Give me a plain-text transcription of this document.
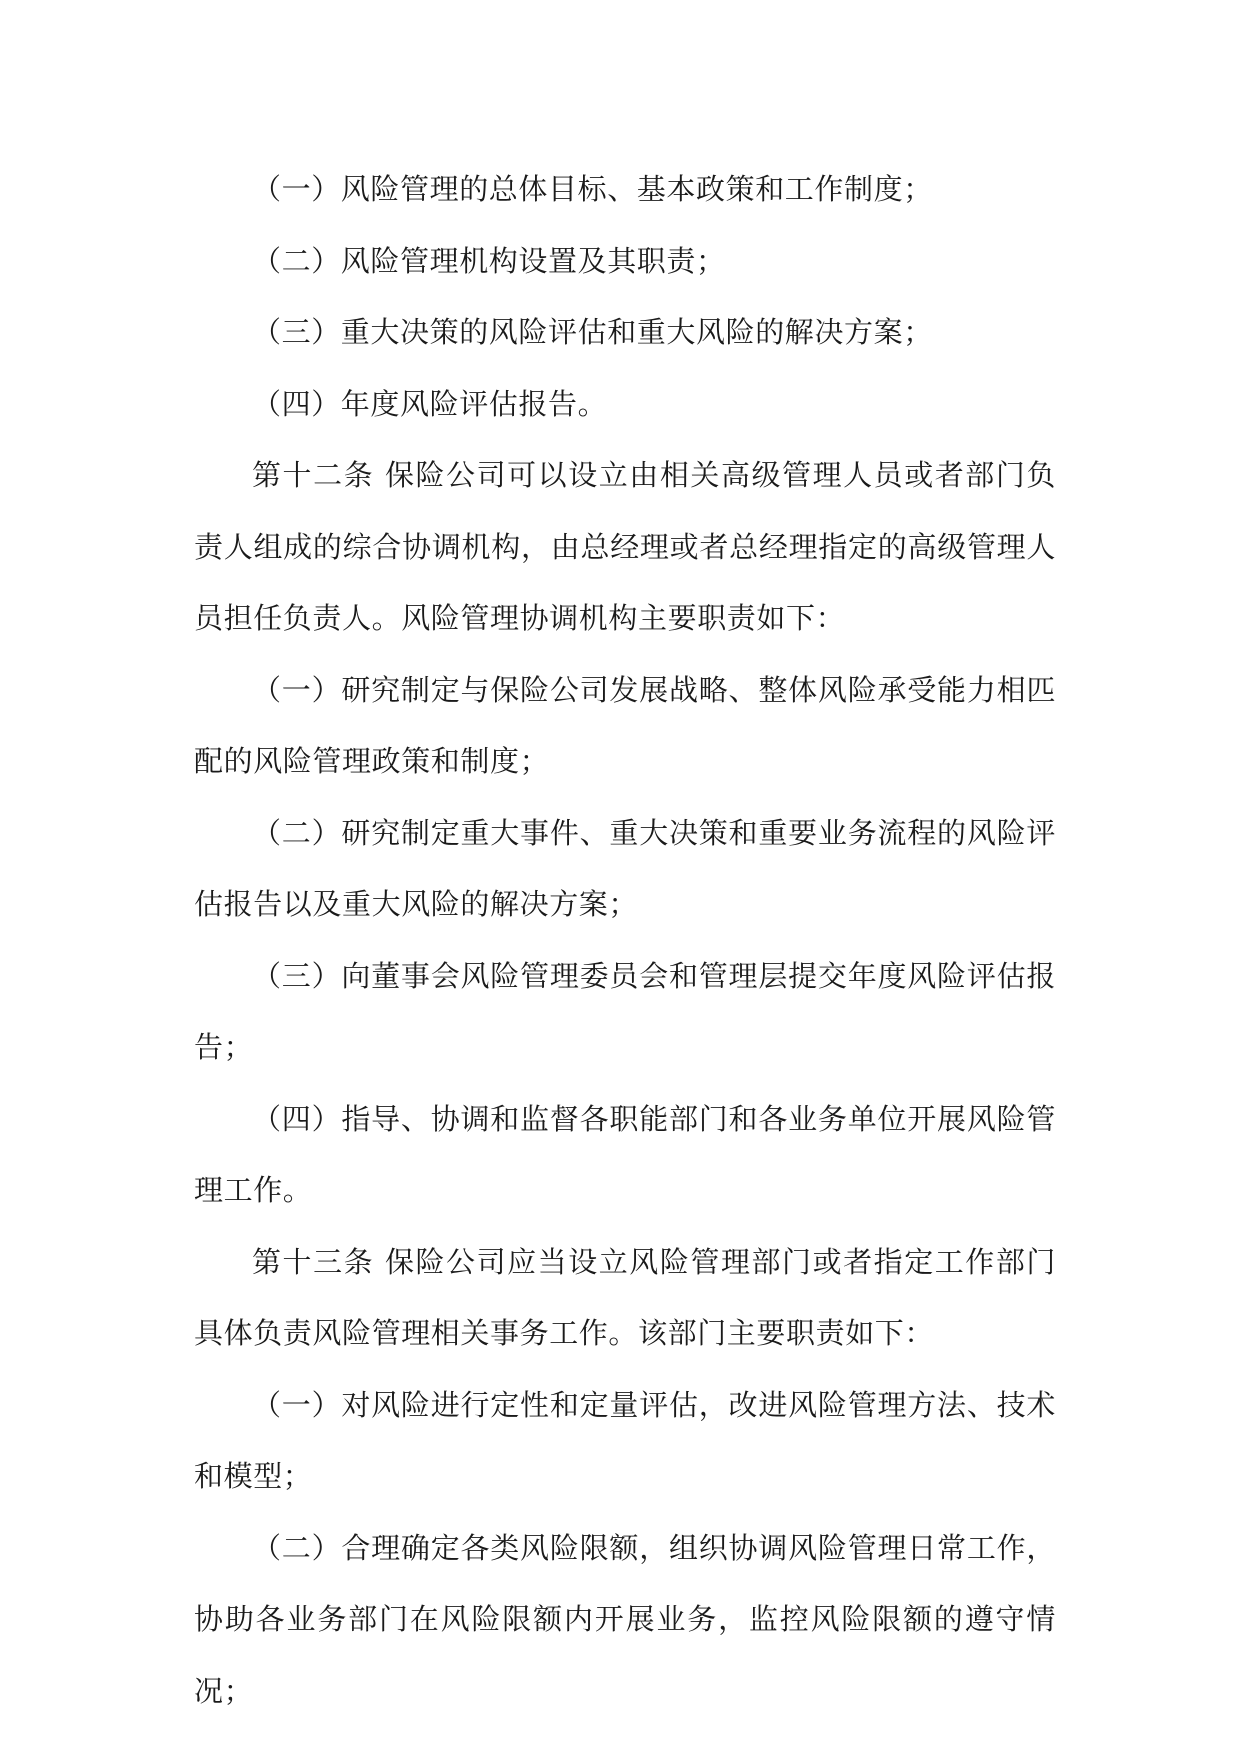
（一）风险管理的总体目标、基本政策和工作制度；

（二）风险管理机构设置及其职责；

（三）重大决策的风险评估和重大风险的解决方案；

（四）年度风险评估报告。

第十二条 保险公司可以设立由相关高级管理人员或者部门负责人组成的综合协调机构，由总经理或者总经理指定的高级管理人员担任负责人。风险管理协调机构主要职责如下：

（一）研究制定与保险公司发展战略、整体风险承受能力相匹配的风险管理政策和制度；

（二）研究制定重大事件、重大决策和重要业务流程的风险评估报告以及重大风险的解决方案；

（三）向董事会风险管理委员会和管理层提交年度风险评估报告；

（四）指导、协调和监督各职能部门和各业务单位开展风险管理工作。

第十三条 保险公司应当设立风险管理部门或者指定工作部门具体负责风险管理相关事务工作。该部门主要职责如下：

（一）对风险进行定性和定量评估，改进风险管理方法、技术和模型；

（二）合理确定各类风险限额，组织协调风险管理日常工作，协助各业务部门在风险限额内开展业务，监控风险限额的遵守情况；
